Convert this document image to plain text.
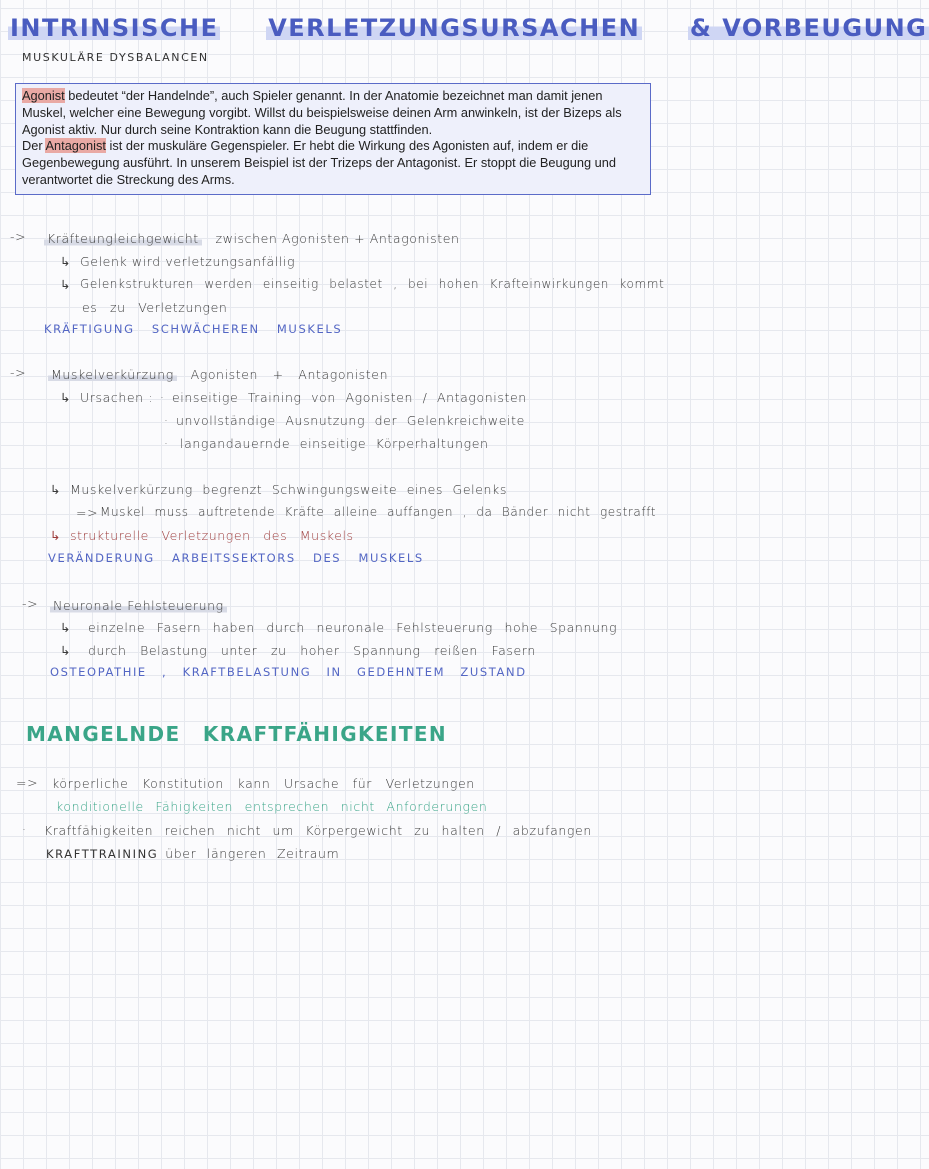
INTRINSISCHE VERLETZUNGSURSACHEN & VORBEUGUNG
MUSKULÄRE DYSBALANCEN

Agonist bedeutet “der Handelnde”, auch Spieler genannt. In der Anatomie bezeichnet man damit jenen Muskel, welcher eine Bewegung vorgibt. Willst du beispielsweise deinen Arm anwinkeln, ist der Bizeps als Agonist aktiv. Nur durch seine Kontraktion kann die Beugung stattfinden.

Der Antagonist ist der muskuläre Gegenspieler. Er hebt die Wirkung des Agonisten auf, indem er die Gegenbewegung ausführt. In unserem Beispiel ist der Trizeps der Antagonist. Er stoppt die Beugung und verantwortet die Streckung des Arms.

-> Kräfteungleichgewicht zwischen Agonisten + Antagonisten
↳ Gelenk wird verletzungsanfällig
↳ Gelenkstrukturen werden einseitig belastet , bei hohen Krafteinwirkungen kommt
es zu Verletzungen
KRÄFTIGUNG SCHWÄCHEREN MUSKELS
-> Muskelverkürzung Agonisten + Antagonisten
↳ Ursachen : · einseitige Training von Agonisten / Antagonisten
· unvollständige Ausnutzung der Gelenkreichweite
· langandauernde einseitige Körperhaltungen
↳ Muskelverkürzung begrenzt Schwingungsweite eines Gelenks
=> Muskel muss auftretende Kräfte alleine auffangen , da Bänder nicht gestrafft
↳ strukturelle Verletzungen des Muskels
VERÄNDERUNG ARBEITSSEKTORS DES MUSKELS
-> Neuronale Fehlsteuerung
↳ einzelne Fasern haben durch neuronale Fehlsteuerung hohe Spannung
↳ durch Belastung unter zu hoher Spannung reißen Fasern
OSTEOPATHIE , KRAFTBELASTUNG IN GEDEHNTEM ZUSTAND
MANGELNDE KRAFTFÄHIGKEITEN
=> körperliche Konstitution kann Ursache für Verletzungen
konditionelle Fähigkeiten entsprechen nicht Anforderungen
· Kraftfähigkeiten reichen nicht um Körpergewicht zu halten / abzufangen
KRAFTTRAINING über längeren Zeitraum
